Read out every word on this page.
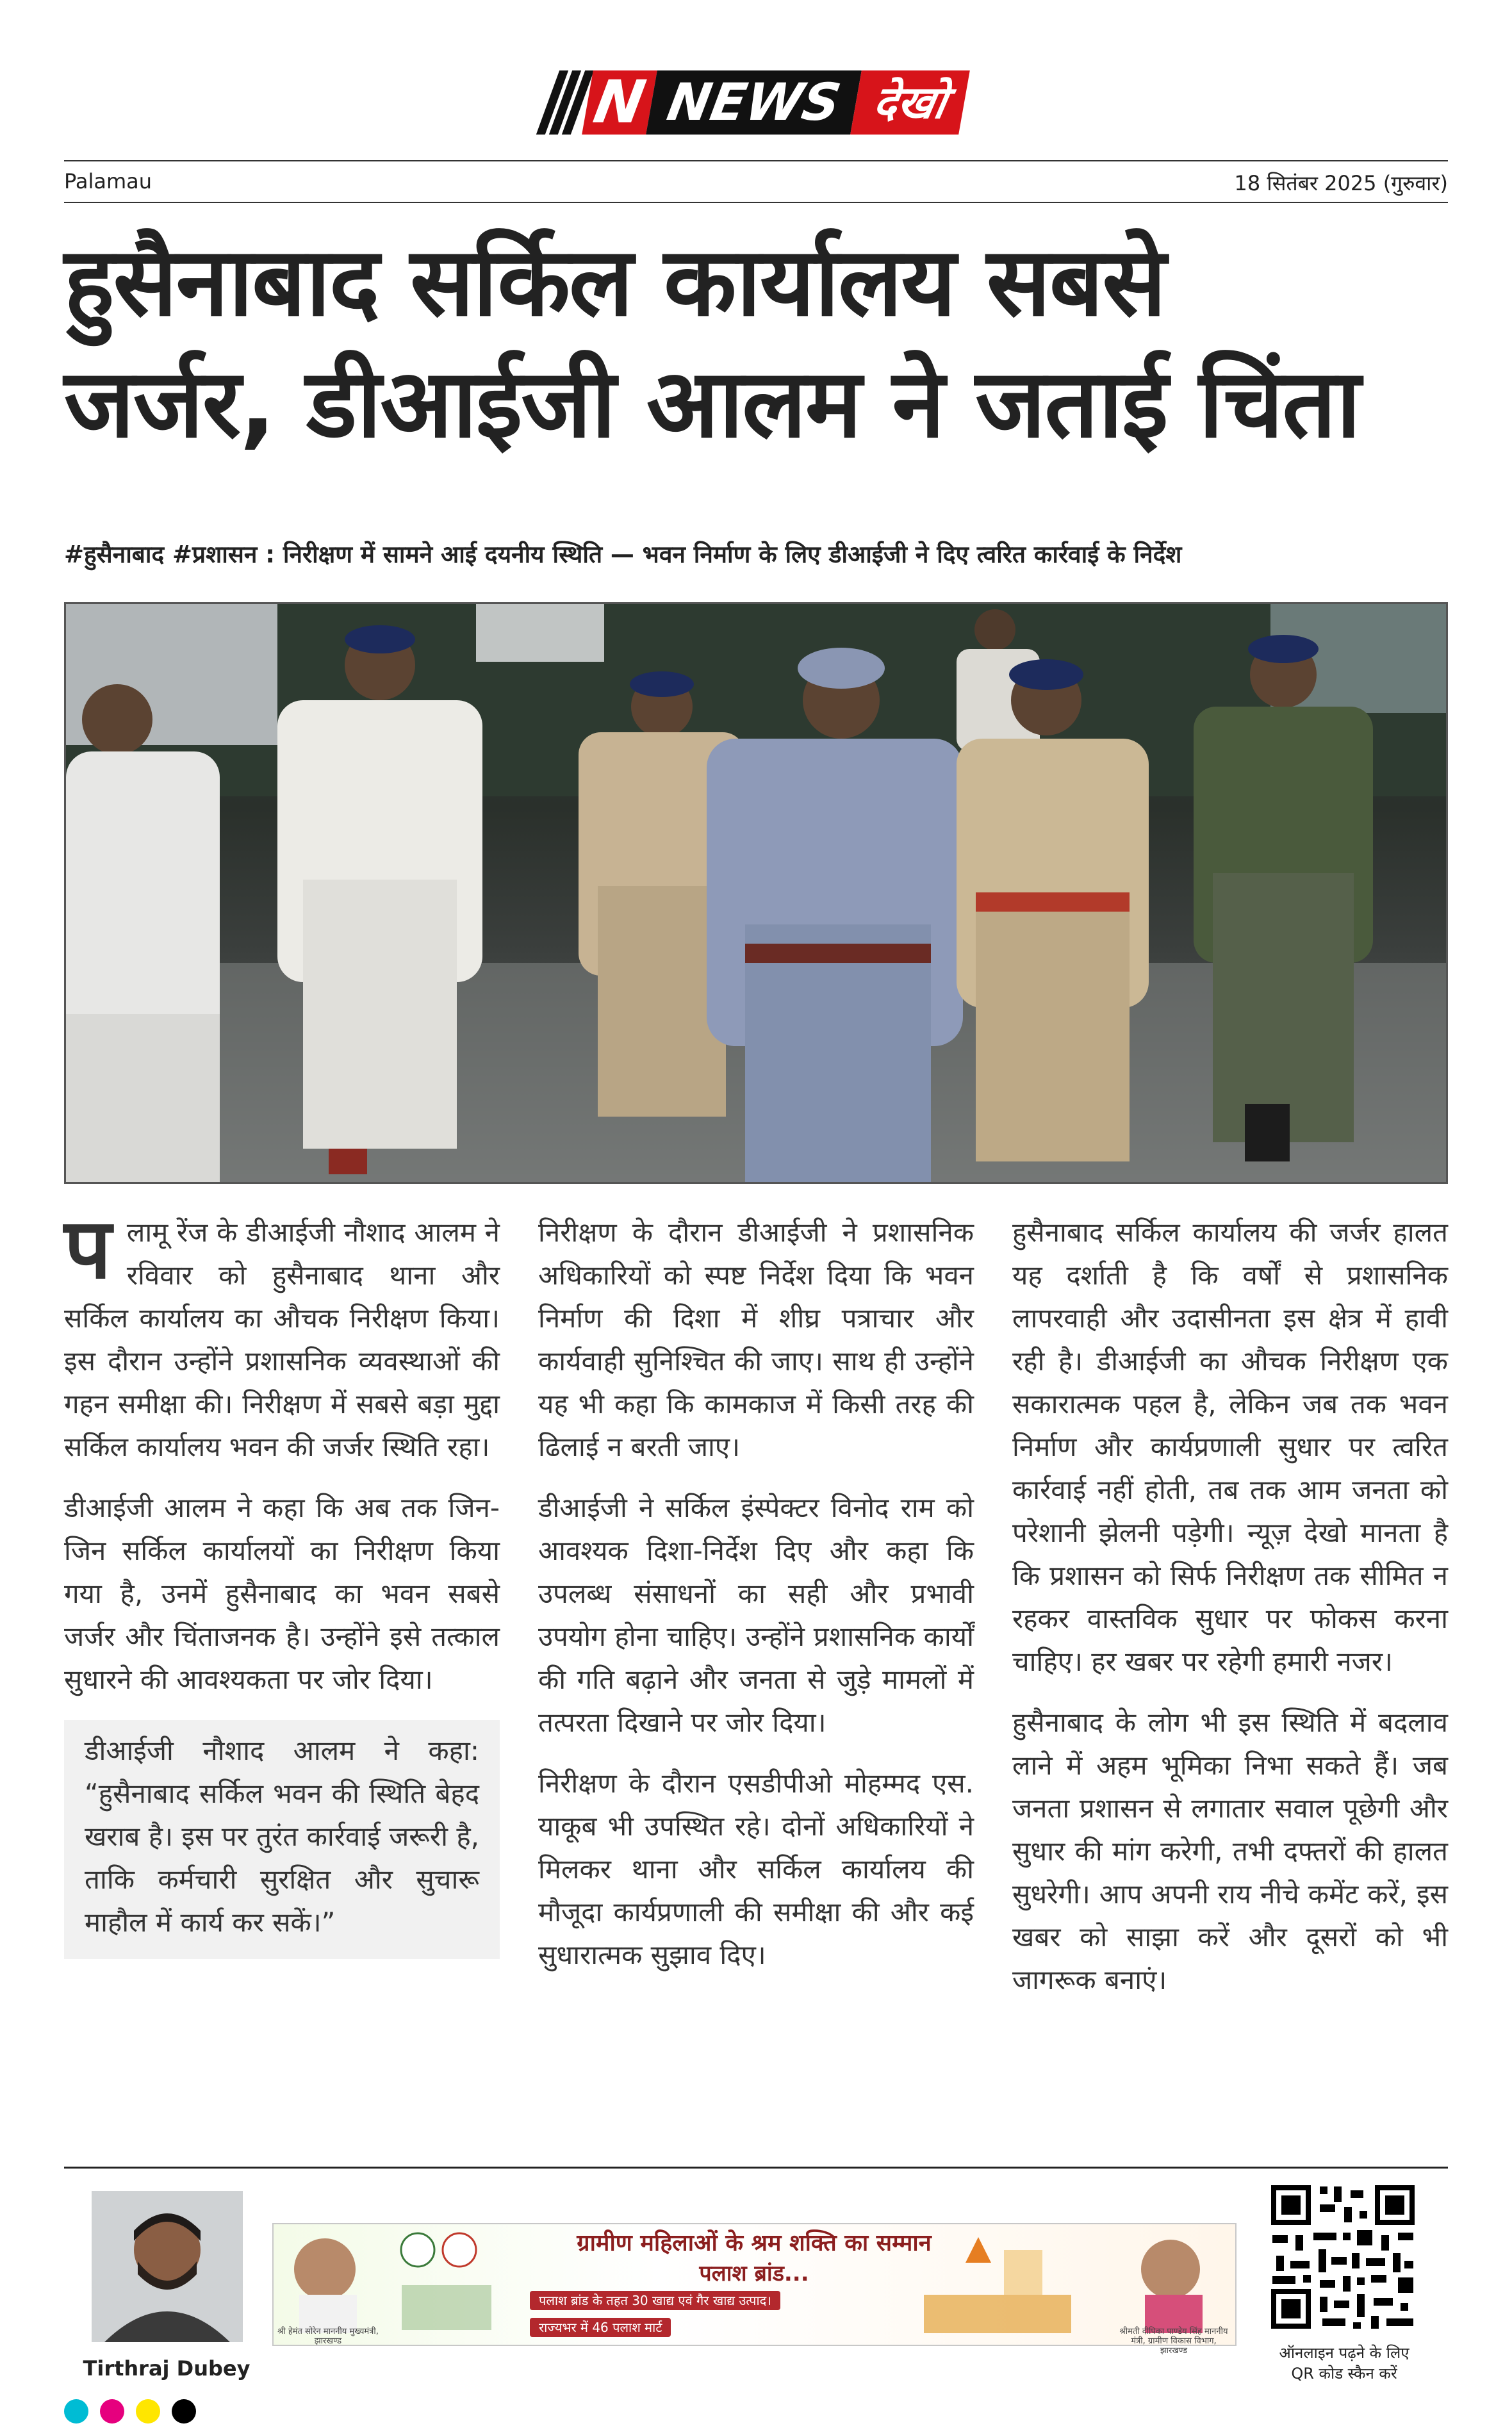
N NEWS देखो
Palamau	18 सितंबर 2025 (गुरुवार)
हुसैनाबाद सर्किल कार्यालय सबसे
जर्जर, डीआईजी आलम ने जताई चिंता
#हुसैनाबाद #प्रशासन : निरीक्षण में सामने आई दयनीय स्थिति — भवन निर्माण के लिए डीआईजी ने दिए त्वरित कार्रवाई के निर्देश

पलामू रेंज के डीआईजी नौशाद आलम ने रविवार को हुसैनाबाद थाना और सर्किल कार्यालय का औचक निरीक्षण किया। इस दौरान उन्होंने प्रशासनिक व्यवस्थाओं की गहन समीक्षा की। निरीक्षण में सबसे बड़ा मुद्दा सर्किल कार्यालय भवन की जर्जर स्थिति रहा।

डीआईजी आलम ने कहा कि अब तक जिन-जिन सर्किल कार्यालयों का निरीक्षण किया गया है, उनमें हुसैनाबाद का भवन सबसे जर्जर और चिंताजनक है। उन्होंने इसे तत्काल सुधारने की आवश्यकता पर जोर दिया।

डीआईजी नौशाद आलम ने कहा: “हुसैनाबाद सर्किल भवन की स्थिति बेहद खराब है। इस पर तुरंत कार्रवाई जरूरी है, ताकि कर्मचारी सुरक्षित और सुचारू माहौल में कार्य कर सकें।”

निरीक्षण के दौरान डीआईजी ने प्रशासनिक अधिकारियों को स्पष्ट निर्देश दिया कि भवन निर्माण की दिशा में शीघ्र पत्राचार और कार्यवाही सुनिश्चित की जाए। साथ ही उन्होंने यह भी कहा कि कामकाज में किसी तरह की ढिलाई न बरती जाए।

डीआईजी ने सर्किल इंस्पेक्टर विनोद राम को आवश्यक दिशा-निर्देश दिए और कहा कि उपलब्ध संसाधनों का सही और प्रभावी उपयोग होना चाहिए। उन्होंने प्रशासनिक कार्यों की गति बढ़ाने और जनता से जुड़े मामलों में तत्परता दिखाने पर जोर दिया।

निरीक्षण के दौरान एसडीपीओ मोहम्मद एस. याकूब भी उपस्थित रहे। दोनों अधिकारियों ने मिलकर थाना और सर्किल कार्यालय की मौजूदा कार्यप्रणाली की समीक्षा की और कई सुधारात्मक सुझाव दिए।

हुसैनाबाद सर्किल कार्यालय की जर्जर हालत यह दर्शाती है कि वर्षों से प्रशासनिक लापरवाही और उदासीनता इस क्षेत्र में हावी रही है। डीआईजी का औचक निरीक्षण एक सकारात्मक पहल है, लेकिन जब तक भवन निर्माण और कार्यप्रणाली सुधार पर त्वरित कार्रवाई नहीं होती, तब तक आम जनता को परेशानी झेलनी पड़ेगी। न्यूज़ देखो मानता है कि प्रशासन को सिर्फ निरीक्षण तक सीमित न रहकर वास्तविक सुधार पर फोकस करना चाहिए। हर खबर पर रहेगी हमारी नजर।

हुसैनाबाद के लोग भी इस स्थिति में बदलाव लाने में अहम भूमिका निभा सकते हैं। जब जनता प्रशासन से लगातार सवाल पूछेगी और सुधार की मांग करेगी, तभी दफ्तरों की हालत सुधरेगी। आप अपनी राय नीचे कमेंट करें, इस खबर को साझा करें और दूसरों को भी जागरूक बनाएं।

Tirthraj Dubey
ग्रामीण महिलाओं के श्रम शक्ति का सम्मान
पलाश ब्रांड...
पलाश ब्रांड के तहत 30 खाद्य एवं गैर खाद्य उत्पाद।
राज्यभर में 46 पलाश मार्ट
श्री हेमंत सोरेन माननीय मुख्यमंत्री, झारखण्ड
श्रीमती दीपिका पाण्डेय सिंह माननीय मंत्री, ग्रामीण विकास विभाग, झारखण्ड	ऑनलाइन पढ़ने के लिए
QR कोड स्कैन करें
